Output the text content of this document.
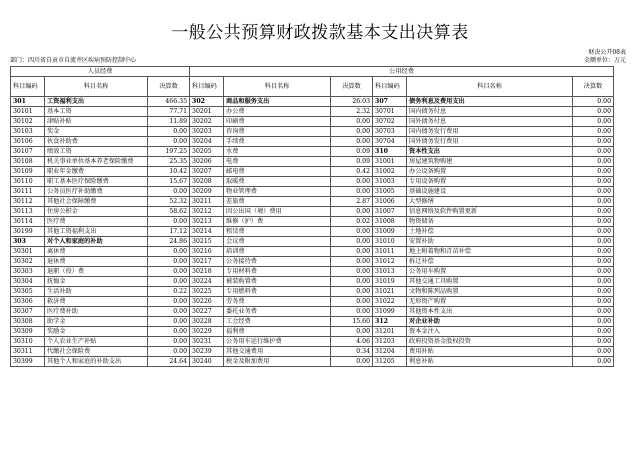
一般公共预算财政拨款基本支出决算表
财决公开08表
部门：四川省自贡市自流井区疾病预防控制中心	金额单位：万元
人员经费			公用经费					
科目编码	科目名称	决算数	科目编码	科目名称	决算数	科目编码	科目名称	决算数
301	工资福利支出	466.35	302	商品和服务支出	26.03	307	债务利息及费用支出	0.00
30101	基本工资	77.71	30201	办公费	2.32	30701	国内债务付息	0.00
30102	津贴补贴	11.89	30202	印刷费	0.00	30702	国外债务付息	0.00
30103	奖金	0.00	30203	咨询费	0.00	30703	国内债务发行费用	0.00
30106	伙食补助费	0.00	30204	手续费	0.00	30704	国外债务发行费用	0.00
30107	绩效工资	197.25	30205	水费	0.09	310	资本性支出	0.00
30108	机关事业单位基本养老保险缴费	25.35	30206	电费	0.09	31001	房屋建筑物购建	0.00
30109	职业年金缴费	10.42	30207	邮电费	0.42	31002	办公设备购置	0.00
30110	职工基本医疗保险缴费	15.67	30208	取暖费	0.00	31003	专用设备购置	0.00
30111	公务员医疗补助缴费	0.00	30209	物业管理费	0.00	31005	基础设施建设	0.00
30112	其他社会保障缴费	52.32	30211	差旅费	2.87	31006	大型修缮	0.00
30113	住房公积金	58.62	30212	因公出国（境）费用	0.00	31007	信息网络及软件购置更新	0.00
30114	医疗费	0.00	30213	维修（护）费	0.02	31008	物资储备	0.00
30199	其他工资福利支出	17.12	30214	租赁费	0.00	31009	土地补偿	0.00
303	对个人和家庭的补助	24.86	30215	会议费	0.00	31010	安置补助	0.00
30301	离休费	0.00	30216	培训费	0.00	31011	地上附着物和青苗补偿	0.00
30302	退休费	0.00	30217	公务接待费	0.00	31012	拆迁补偿	0.00
30303	退职（役）费	0.00	30218	专用材料费	0.00	31013	公务用车购置	0.00
30304	抚恤金	0.00	30224	被装购置费	0.00	31019	其他交通工具购置	0.00
30305	生活补助	0.22	30225	专用燃料费	0.00	31021	文物和陈列品购置	0.00
30306	救济费	0.00	30226	劳务费	0.00	31022	无形资产购置	0.00
30307	医疗费补助	0.00	30227	委托业务费	0.00	31099	其他资本性支出	0.00
30308	助学金	0.00	30228	工会经费	15.60	312	对企业补助	0.00
30309	奖励金	0.00	30229	福利费	0.00	31201	资本金注入	0.00
30310	个人农业生产补贴	0.00	30231	公务用车运行维护费	4.06	31203	政府投资基金股权投资	0.00
30311	代缴社会保险费	0.00	30239	其他交通费用	0.34	31204	费用补贴	0.00
30399	其他个人和家庭的补助支出	24.64	30240	税金及附加费用	0.00	31205	利息补贴	0.00
